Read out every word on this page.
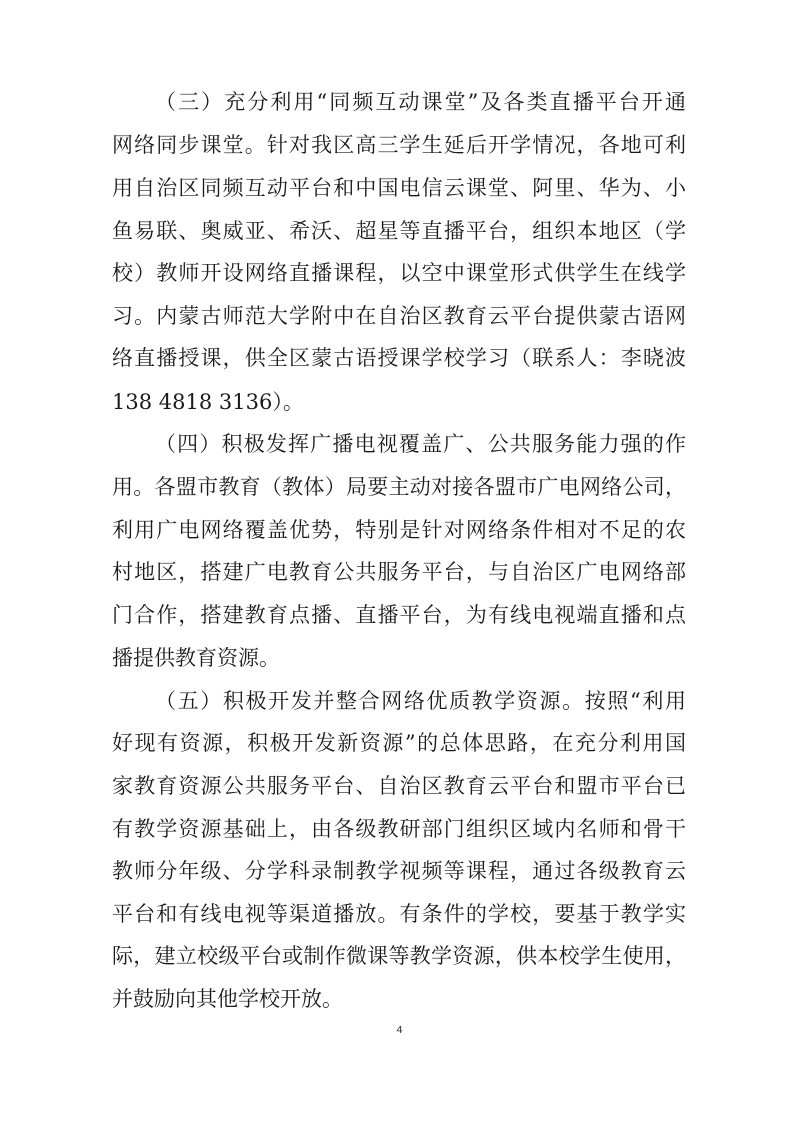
（三）充分利用“同频互动课堂”及各类直播平台开通
网络同步课堂。针对我区高三学生延后开学情况，各地可利
用自治区同频互动平台和中国电信云课堂、阿里、华为、小
鱼易联、奥威亚、希沃、超星等直播平台，组织本地区（学
校）教师开设网络直播课程，以空中课堂形式供学生在线学
习。内蒙古师范大学附中在自治区教育云平台提供蒙古语网
络直播授课，供全区蒙古语授课学校学习（联系人：李晓波
138 4818 3136）。
（四）积极发挥广播电视覆盖广、公共服务能力强的作
用。各盟市教育（教体）局要主动对接各盟市广电网络公司，
利用广电网络覆盖优势，特别是针对网络条件相对不足的农
村地区，搭建广电教育公共服务平台，与自治区广电网络部
门合作，搭建教育点播、直播平台，为有线电视端直播和点
播提供教育资源。
（五）积极开发并整合网络优质教学资源。按照“利用
好现有资源，积极开发新资源”的总体思路，在充分利用国
家教育资源公共服务平台、自治区教育云平台和盟市平台已
有教学资源基础上，由各级教研部门组织区域内名师和骨干
教师分年级、分学科录制教学视频等课程，通过各级教育云
平台和有线电视等渠道播放。有条件的学校，要基于教学实
际，建立校级平台或制作微课等教学资源，供本校学生使用，
并鼓励向其他学校开放。
4
